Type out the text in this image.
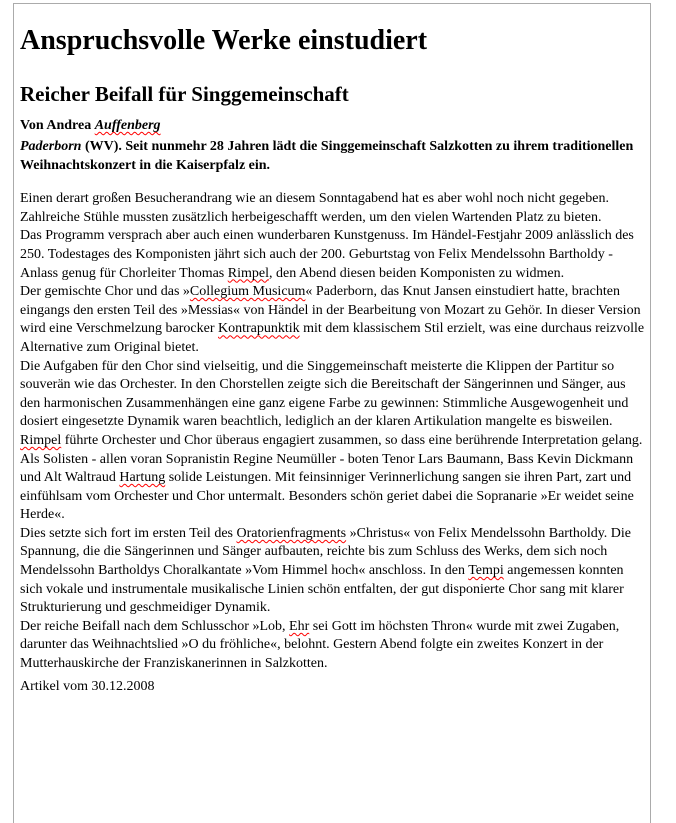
Anspruchsvolle Werke einstudiert
Reicher Beifall für Singgemeinschaft

Von Andrea Auffenberg

Paderborn (WV). Seit nunmehr 28 Jahren lädt die Singgemeinschaft Salzkotten zu ihrem traditionellen Weihnachtskonzert in die Kaiserpfalz ein.

Einen derart großen Besucherandrang wie an diesem Sonntagabend hat es aber wohl noch nicht gegeben. Zahlreiche Stühle mussten zusätzlich herbeigeschafft werden, um den vielen Wartenden Platz zu bieten.

Das Programm versprach aber auch einen wunderbaren Kunstgenuss. Im Händel-Festjahr 2009 anlässlich des 250. Todestages des Komponisten jährt sich auch der 200. Geburtstag von Felix Mendelssohn Bartholdy - Anlass genug für Chorleiter Thomas Rimpel, den Abend diesen beiden Komponisten zu widmen.

Der gemischte Chor und das »Collegium Musicum« Paderborn, das Knut Jansen einstudiert hatte, brachten eingangs den ersten Teil des »Messias« von Händel in der Bearbeitung von Mozart zu Gehör. In dieser Version wird eine Verschmelzung barocker Kontrapunktik mit dem klassischem Stil erzielt, was eine durchaus reizvolle Alternative zum Original bietet.

Die Aufgaben für den Chor sind vielseitig, und die Singgemeinschaft meisterte die Klippen der Partitur so souverän wie das Orchester. In den Chorstellen zeigte sich die Bereitschaft der Sängerinnen und Sänger, aus den harmonischen Zusammenhängen eine ganz eigene Farbe zu gewinnen: Stimmliche Ausgewogenheit und dosiert eingesetzte Dynamik waren beachtlich, lediglich an der klaren Artikulation mangelte es bisweilen. Rimpel führte Orchester und Chor überaus engagiert zusammen, so dass eine berührende Interpretation gelang.

Als Solisten - allen voran Sopranistin Regine Neumüller - boten Tenor Lars Baumann, Bass Kevin Dickmann und Alt Waltraud Hartung solide Leistungen. Mit feinsinniger Verinnerlichung sangen sie ihren Part, zart und einfühlsam vom Orchester und Chor untermalt. Besonders schön geriet dabei die Sopranarie »Er weidet seine Herde«.

Dies setzte sich fort im ersten Teil des Oratorienfragments »Christus« von Felix Mendelssohn Bartholdy. Die Spannung, die die Sängerinnen und Sänger aufbauten, reichte bis zum Schluss des Werks, dem sich noch Mendelssohn Bartholdys Choralkantate »Vom Himmel hoch« anschloss. In den Tempi angemessen konnten sich vokale und instrumentale musikalische Linien schön entfalten, der gut disponierte Chor sang mit klarer Strukturierung und geschmeidiger Dynamik.

Der reiche Beifall nach dem Schlusschor »Lob, Ehr sei Gott im höchsten Thron« wurde mit zwei Zugaben, darunter das Weihnachtslied »O du fröhliche«, belohnt. Gestern Abend folgte ein zweites Konzert in der Mutterhauskirche der Franziskanerinnen in Salzkotten.

Artikel vom 30.12.2008
